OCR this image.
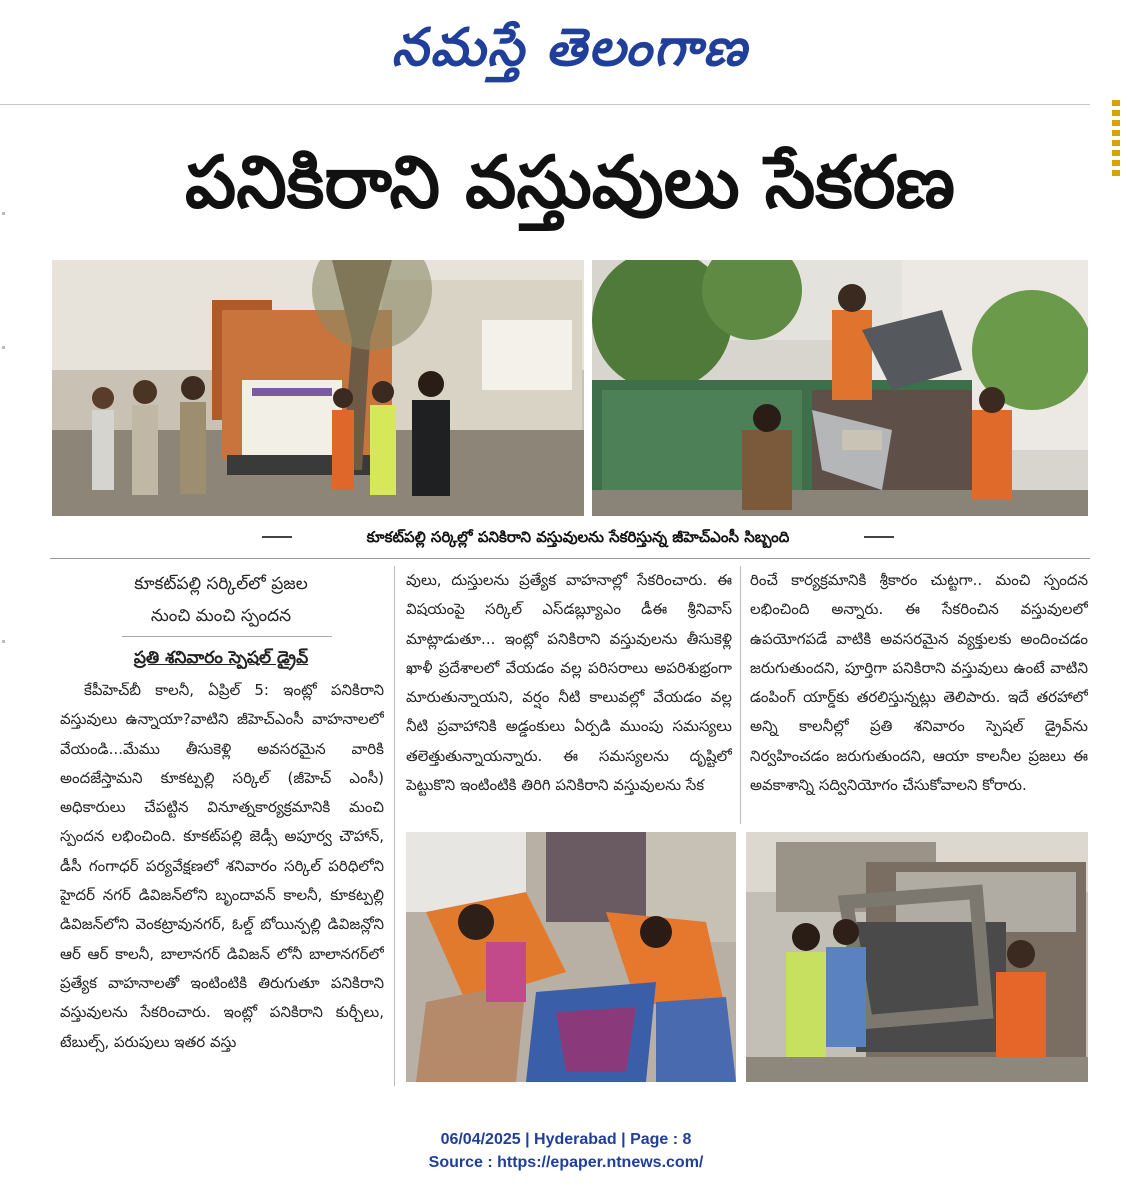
నమస్తే తెలంగాణ
పనికిరాని వస్తువులు సేకరణ
కూకట్‌పల్లి సర్కిల్లో పనికిరాని వస్తువులను సేకరిస్తున్న జీహెచ్‌ఎంసీ సిబ్బంది
కూకట్‌పల్లి సర్కిల్‌లో ప్రజల
నుంచి మంచి స్పందన
ప్రతి శనివారం స్పెషల్ డ్రైవ్
కేపీహెచ్‌బీ కాలనీ, ఏప్రిల్ 5: ఇంట్లో పనికిరాని వస్తువులు ఉన్నాయా?వాటిని జీహెచ్‌ఎంసీ వాహనాలలో వేయండి...మేము తీసుకెళ్లి అవసరమైన వారికి అందజేస్తామని కూకట్పల్లి సర్కిల్ (జీహెచ్ ఎంసీ) అధికారులు చేపట్టిన వినూత్నకార్యక్రమానికి మంచి స్పందన లభించింది. కూకట్‌పల్లి జెడ్సీ అపూర్వ చౌహాన్, డీసీ గంగాధర్ పర్యవేక్షణలో శనివారం సర్కిల్ పరిధిలోని హైదర్ నగర్ డివిజన్‌లోని బృందావన్ కాలనీ, కూకట్పల్లి డివిజన్‌లోని వెంకట్రావునగర్, ఓల్డ్ బోయిన్పల్లి డివిజన్లోని ఆర్ ఆర్ కాలనీ, బాలానగర్ డివిజన్ లోనీ బాలానగర్‌లో ప్రత్యేక వాహనాలతో ఇంటింటికి తిరుగుతూ పనికిరాని వస్తువులను సేకరించారు. ఇంట్లో పనికిరాని కుర్చీలు, టేబుల్స్, పరుపులు ఇతర వస్తు
వులు, దుస్తులను ప్రత్యేక వాహనాల్లో సేకరించారు. ఈ విషయంపై సర్కిల్ ఎస్‌డబ్ల్యూఎం డీఈ శ్రీనివాస్ మాట్లాడుతూ... ఇంట్లో పనికిరాని వస్తువులను తీసుకెళ్లి ఖాళీ ప్రదేశాలలో వేయడం వల్ల పరిసరాలు అపరిశుభ్రంగా మారుతున్నాయని, వర్షం నీటి కాలువల్లో వేయడం వల్ల నీటి ప్రవాహానికి అడ్డంకులు ఏర్పడి ముంపు సమస్యలు తలెత్తుతున్నాయన్నారు. ఈ సమస్యలను దృష్టిలో పెట్టుకొని ఇంటింటికి తిరిగి పనికిరాని వస్తువులను సేక
రించే కార్యక్రమానికి శ్రీకారం చుట్టగా.. మంచి స్పందన లభించింది అన్నారు. ఈ సేకరించిన వస్తువులలో ఉపయోగపడే వాటికి అవసరమైన వ్యక్తులకు అందించడం జరుగుతుందని, పూర్తిగా పనికిరాని వస్తువులు ఉంటే వాటిని డంపింగ్ యార్డ్‌కు తరలిస్తున్నట్లు తెలిపారు. ఇదే తరహాలో అన్ని కాలనీల్లో ప్రతి శనివారం స్పెషల్ డ్రైవ్‌ను నిర్వహించడం జరుగుతుందని, ఆయా కాలనీల ప్రజలు ఈ అవకాశాన్ని సద్వినియోగం చేసుకోవాలని కోరారు.
06/04/2025 | Hyderabad | Page : 8
Source : https://epaper.ntnews.com/
